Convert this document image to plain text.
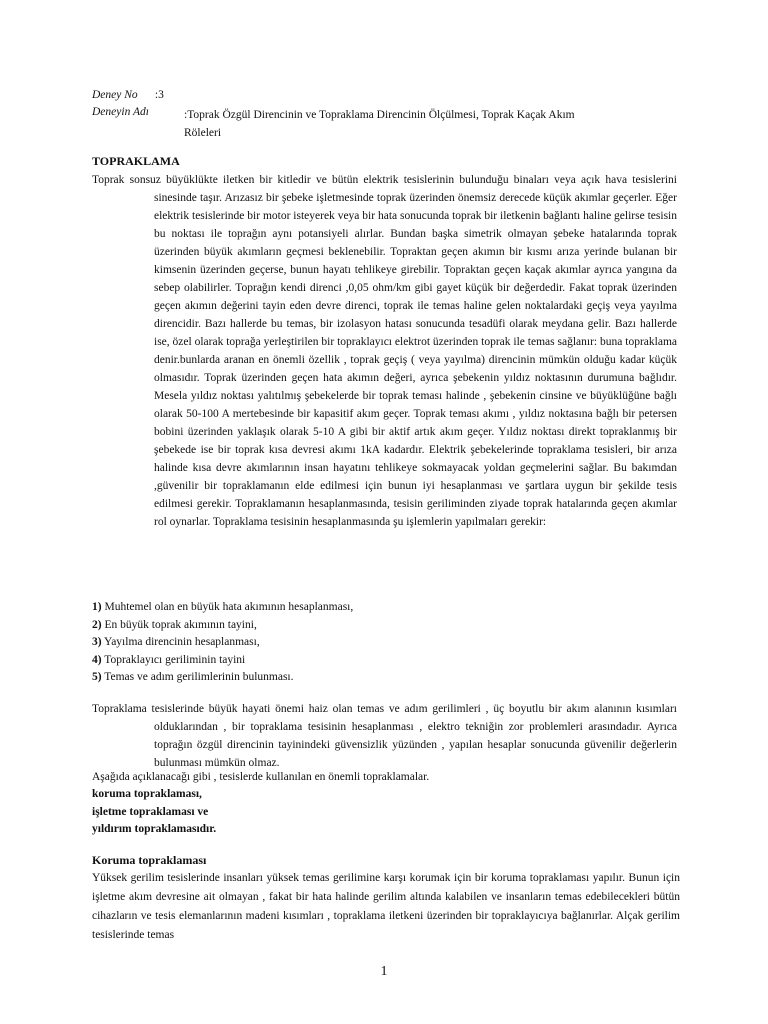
Deney No :3
Deneyin Adı	:Toprak Özgül Direncinin ve Topraklama Direncinin Ölçülmesi, Toprak Kaçak Akım Röleleri
TOPRAKLAMA
Toprak sonsuz büyüklükte iletken bir kitledir ve bütün elektrik tesislerinin bulunduğu binaları veya açık hava tesislerini sinesinde taşır. Arızasız bir şebeke işletmesinde toprak üzerinden önemsiz derecede küçük akımlar geçerler. Eğer elektrik tesislerinde bir motor isteyerek veya bir hata sonucunda toprak bir iletkenin bağlantı haline gelirse tesisin bu noktası ile toprağın aynı potansiyeli alırlar. Bundan başka simetrik olmayan şebeke hatalarında toprak üzerinden büyük akımların geçmesi beklenebilir. Topraktan geçen akımın bir kısmı arıza yerinde bulanan bir kimsenin üzerinden geçerse, bunun hayatı tehlikeye girebilir. Topraktan geçen kaçak akımlar ayrıca yangına da sebep olabilirler. Toprağın kendi direnci ,0,05 ohm/km gibi gayet küçük bir değerdedir. Fakat toprak üzerinden geçen akımın değerini tayin eden devre direnci, toprak ile temas haline gelen noktalardaki geçiş veya yayılma direncidir. Bazı hallerde bu temas, bir izolasyon hatası sonucunda tesadüfi olarak meydana gelir. Bazı hallerde ise, özel olarak toprağa yerleştirilen bir topraklayıcı elektrot üzerinden toprak ile temas sağlanır: buna topraklama denir.bunlarda aranan en önemli özellik , toprak geçiş ( veya yayılma) direncinin mümkün olduğu kadar küçük olmasıdır. Toprak üzerinden geçen hata akımın değeri, ayrıca şebekenin yıldız noktasının durumuna bağlıdır. Mesela yıldız noktası yalıtılmış şebekelerde bir toprak teması halinde , şebekenin cinsine ve büyüklüğüne bağlı olarak 50-100 A mertebesinde bir kapasitif akım geçer. Toprak teması akımı , yıldız noktasına bağlı bir petersen bobini üzerinden yaklaşık olarak 5-10 A gibi bir aktif artık akım geçer. Yıldız noktası direkt topraklanmış bir şebekede ise bir toprak kısa devresi akımı 1kA kadardır. Elektrik şebekelerinde topraklama tesisleri, bir arıza halinde kısa devre akımlarının insan hayatını tehlikeye sokmayacak yoldan geçmelerini sağlar. Bu bakımdan ,güvenilir bir topraklamanın elde edilmesi için bunun iyi hesaplanması ve şartlara uygun bir şekilde tesis edilmesi gerekir. Topraklamanın hesaplanmasında, tesisin geriliminden ziyade toprak hatalarında geçen akımlar rol oynarlar. Topraklama tesisinin hesaplanmasında şu işlemlerin yapılmaları gerekir:
1) Muhtemel olan en büyük hata akımının hesaplanması,
2) En büyük toprak akımının tayini,
3) Yayılma direncinin hesaplanması,
4) Topraklayıcı geriliminin tayini
5) Temas ve adım gerilimlerinin bulunması.
Topraklama tesislerinde büyük hayati önemi haiz olan temas ve adım gerilimleri , üç boyutlu bir akım alanının kısımları olduklarından , bir topraklama tesisinin hesaplanması , elektro tekniğin zor problemleri arasındadır. Ayrıca toprağın özgül direncinin tayinindeki güvensizlik yüzünden , yapılan hesaplar sonucunda güvenilir değerlerin bulunması mümkün olmaz.
Aşağıda açıklanacağı gibi , tesislerde kullanılan en önemli topraklamalar.
koruma topraklaması,
işletme topraklaması ve
yıldırım topraklamasıdır.
Koruma topraklaması
Yüksek gerilim tesislerinde insanları yüksek temas gerilimine karşı korumak için bir koruma topraklaması yapılır. Bunun için işletme akım devresine ait olmayan , fakat bir hata halinde gerilim altında kalabilen ve insanların temas edebilecekleri bütün cihazların ve tesis elemanlarının madeni kısımları , topraklama iletkeni üzerinden bir topraklayıcıya bağlanırlar. Alçak gerilim tesislerinde temas
1
